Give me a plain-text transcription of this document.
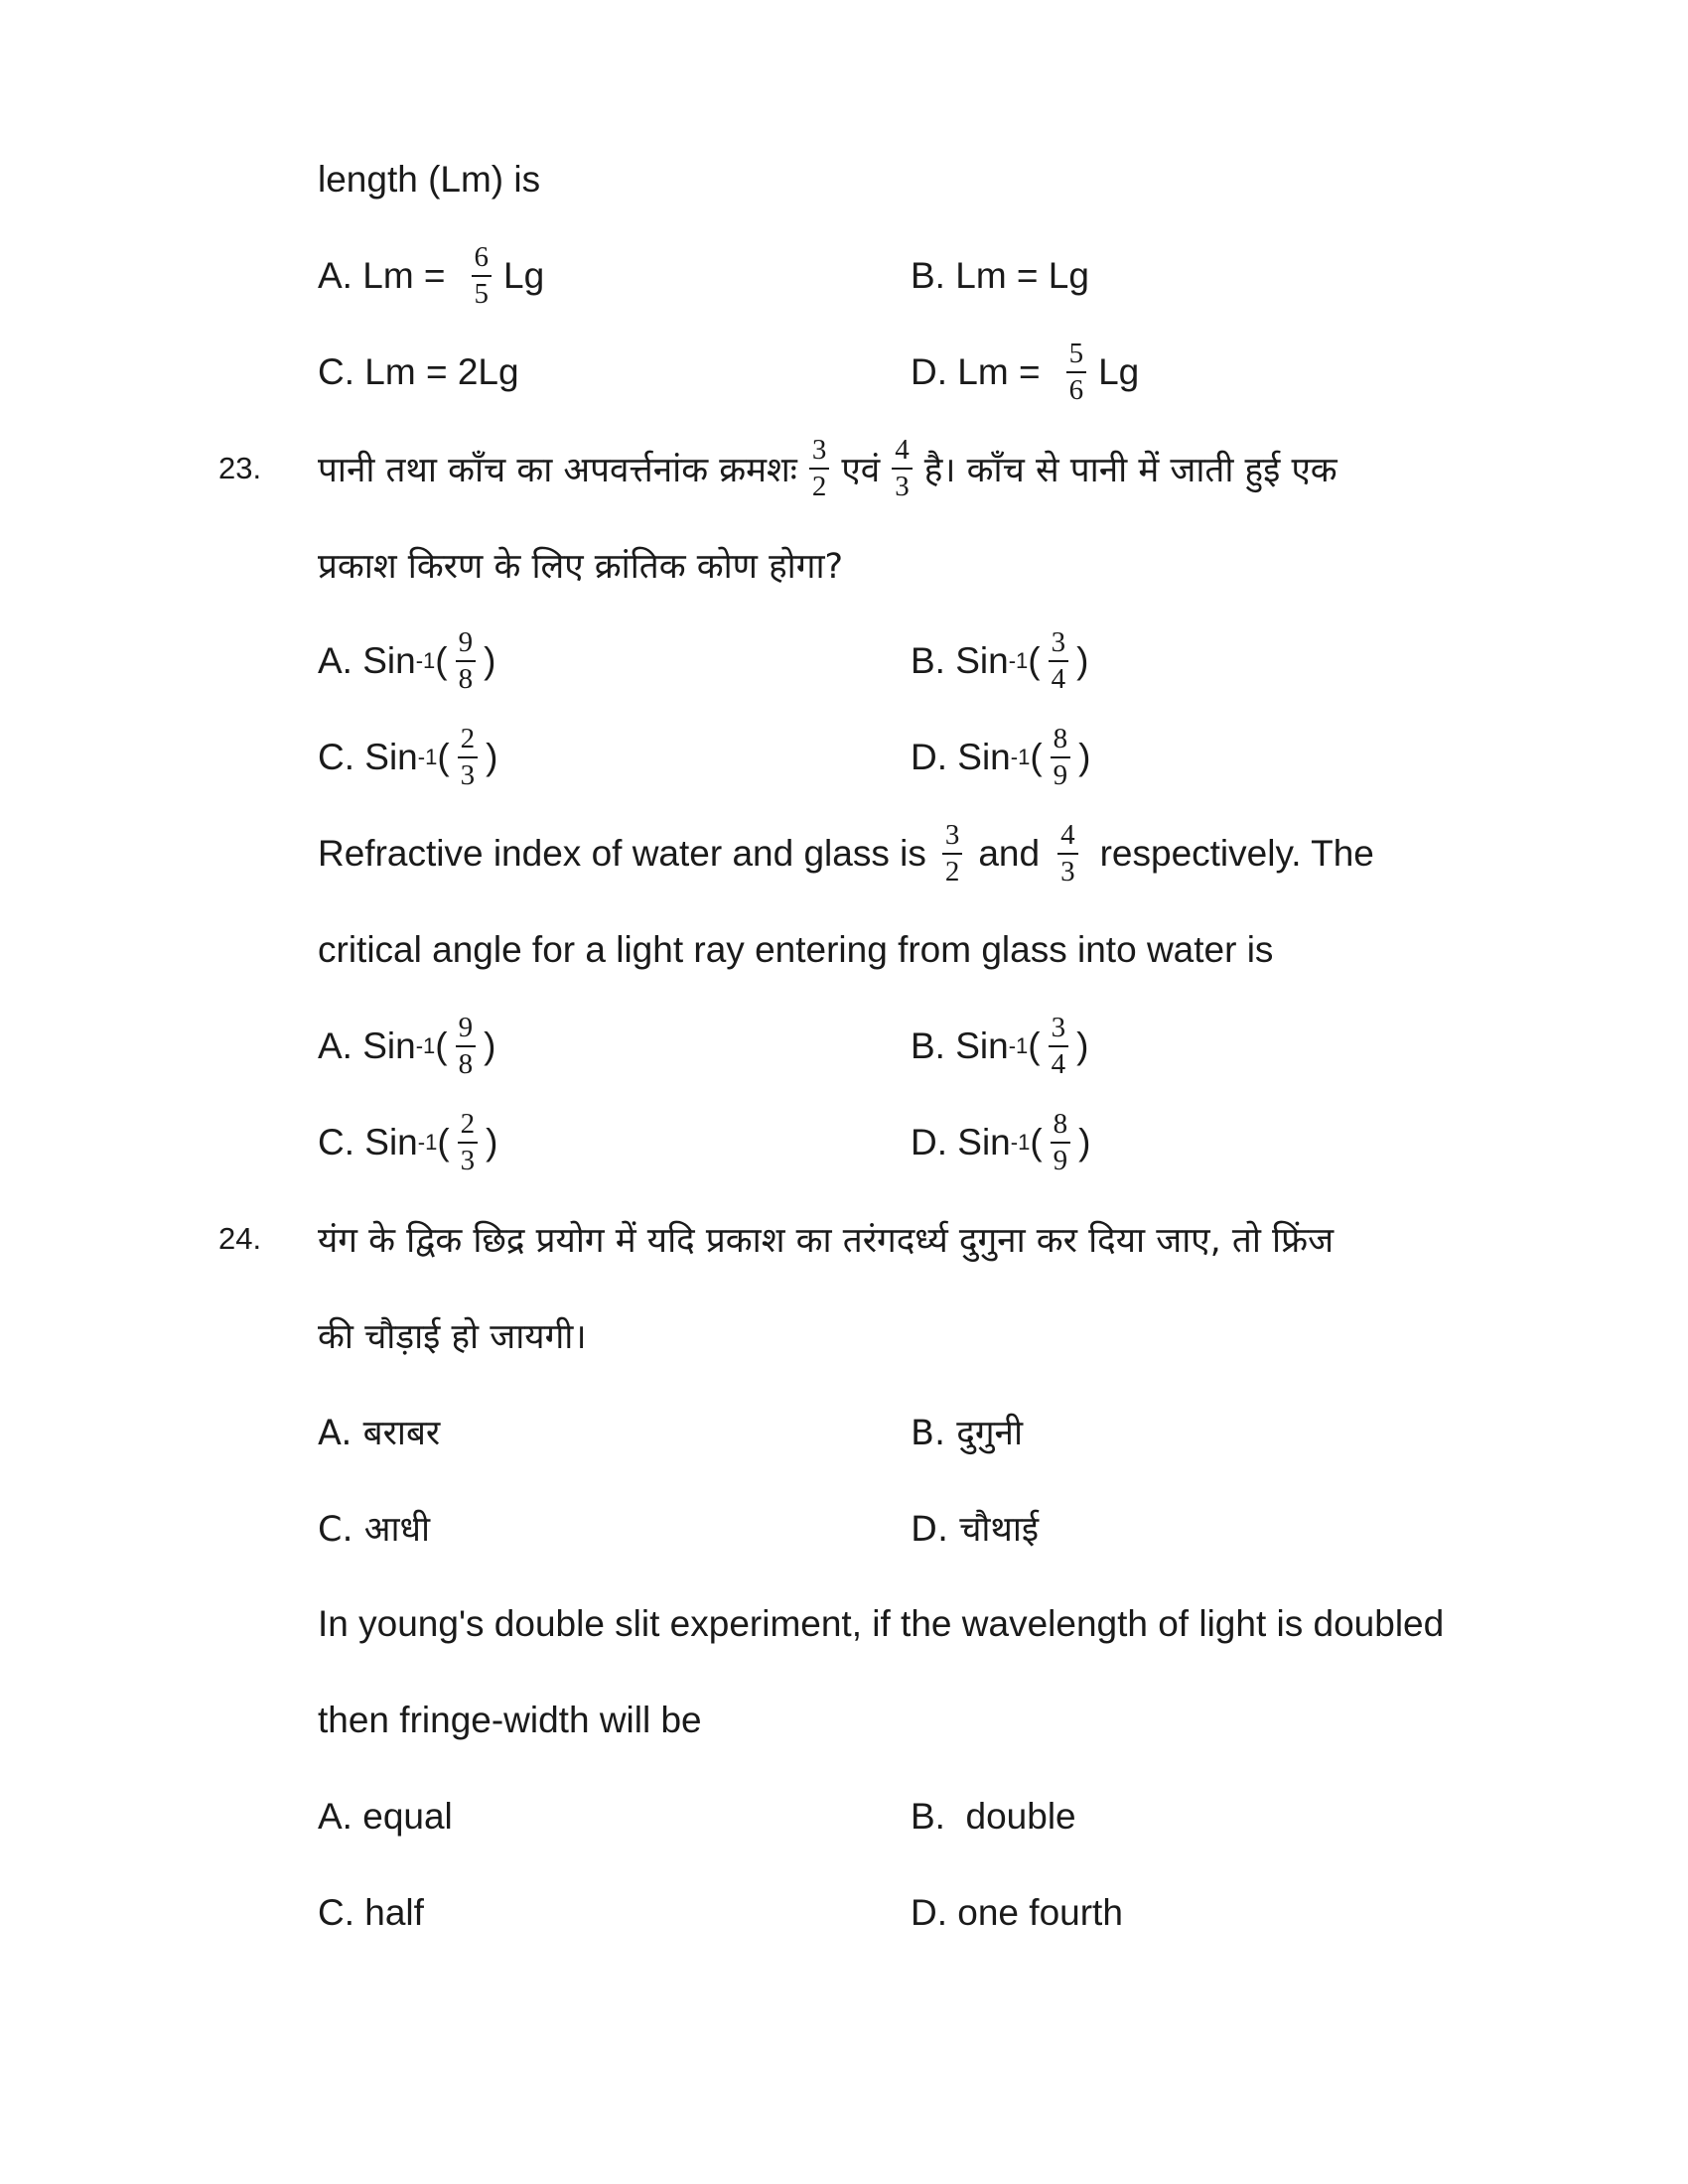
length (Lm) is
A. $Lm = \frac{6}{5}$ Lg	B. Lm = Lg
C. Lm = 2Lg	D. $Lm = \frac{5}{6}$ Lg
23. पानी तथा काँच का अपवर्त्तनांक क्रमशः $\frac{3}{2}$ एवं $\frac{4}{3}$ है। काँच से पानी में जाती हुई एक
प्रकाश किरण के लिए क्रांतिक कोण होगा?
A. Sin -1 ( $\frac{9}{8}$ )	B. Sin -1 ( $\frac{3}{4}$ )
C. Sin -1 ( $\frac{2}{3}$ )	D. Sin -1 ( $\frac{8}{9}$ )
Refractive index of water and glass is $\frac{3}{2}$ and $\frac{4}{3}$ respectively. The
critical angle for a light ray entering from glass into water is
A. Sin -1 ( $\frac{9}{8}$ )	B. Sin -1 ( $\frac{3}{4}$ )
C. Sin -1 ( $\frac{2}{3}$ )	D. Sin -1 ( $\frac{8}{9}$ )
24. यंग के द्विक छिद्र प्रयोग में यदि प्रकाश का तरंगदर्ध्य दुगुना कर दिया जाए, तो फ्रिंज
की चौड़ाई हो जायगी।
A. बराबर	B. दुगुनी
C. आधी	D. चौथाई
In young's double slit experiment, if the wavelength of light is doubled
then fringe-width will be
A. equal	B.  double
C. half	D. one fourth
